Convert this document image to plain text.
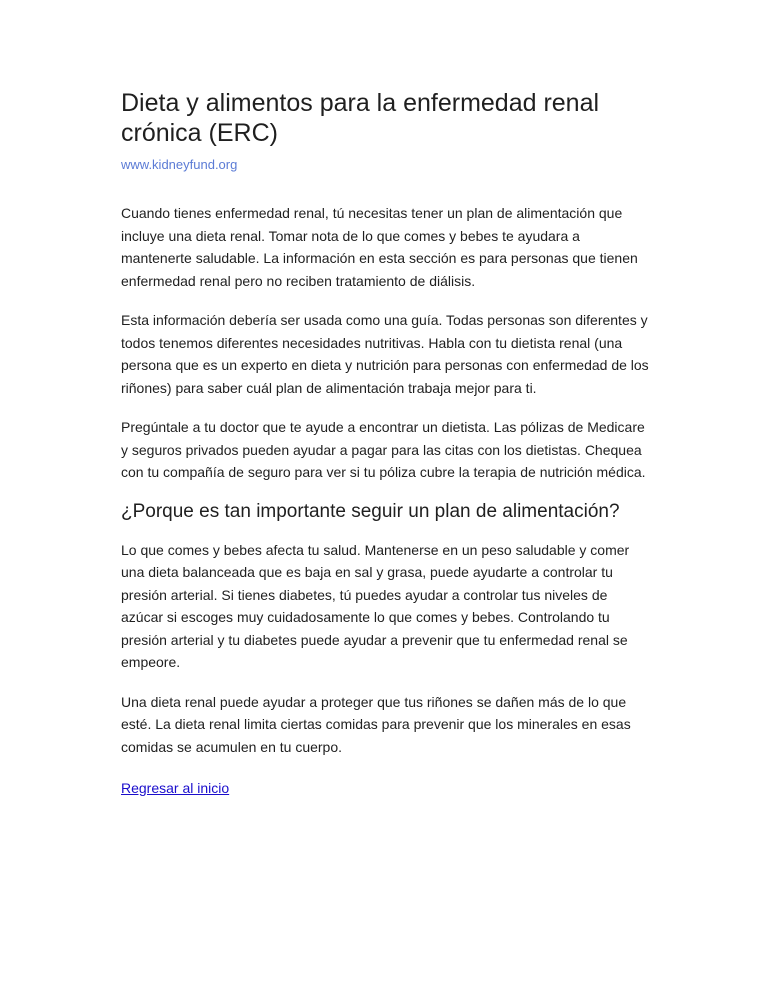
Dieta y alimentos para la enfermedad renal crónica (ERC)
www.kidneyfund.org

Cuando tienes enfermedad renal, tú necesitas tener un plan de alimentación que incluye una dieta renal. Tomar nota de lo que comes y bebes te ayudara a mantenerte saludable. La información en esta sección es para personas que tienen enfermedad renal pero no reciben tratamiento de diálisis.

Esta información debería ser usada como una guía. Todas personas son diferentes y todos tenemos diferentes necesidades nutritivas. Habla con tu dietista renal (una persona que es un experto en dieta y nutrición para personas con enfermedad de los riñones) para saber cuál plan de alimentación trabaja mejor para ti.

Pregúntale a tu doctor que te ayude a encontrar un dietista. Las pólizas de Medicare y seguros privados pueden ayudar a pagar para las citas con los dietistas. Chequea con tu compañía de seguro para ver si tu póliza cubre la terapia de nutrición médica.

¿Porque es tan importante seguir un plan de alimentación?

Lo que comes y bebes afecta tu salud. Mantenerse en un peso saludable y comer una dieta balanceada que es baja en sal y grasa, puede ayudarte a controlar tu presión arterial. Si tienes diabetes, tú puedes ayudar a controlar tus niveles de azúcar si escoges muy cuidadosamente lo que comes y bebes. Controlando tu presión arterial y tu diabetes puede ayudar a prevenir que tu enfermedad renal se empeore.

Una dieta renal puede ayudar a proteger que tus riñones se dañen más de lo que esté. La dieta renal limita ciertas comidas para prevenir que los minerales en esas comidas se acumulen en tu cuerpo.

Regresar al inicio
